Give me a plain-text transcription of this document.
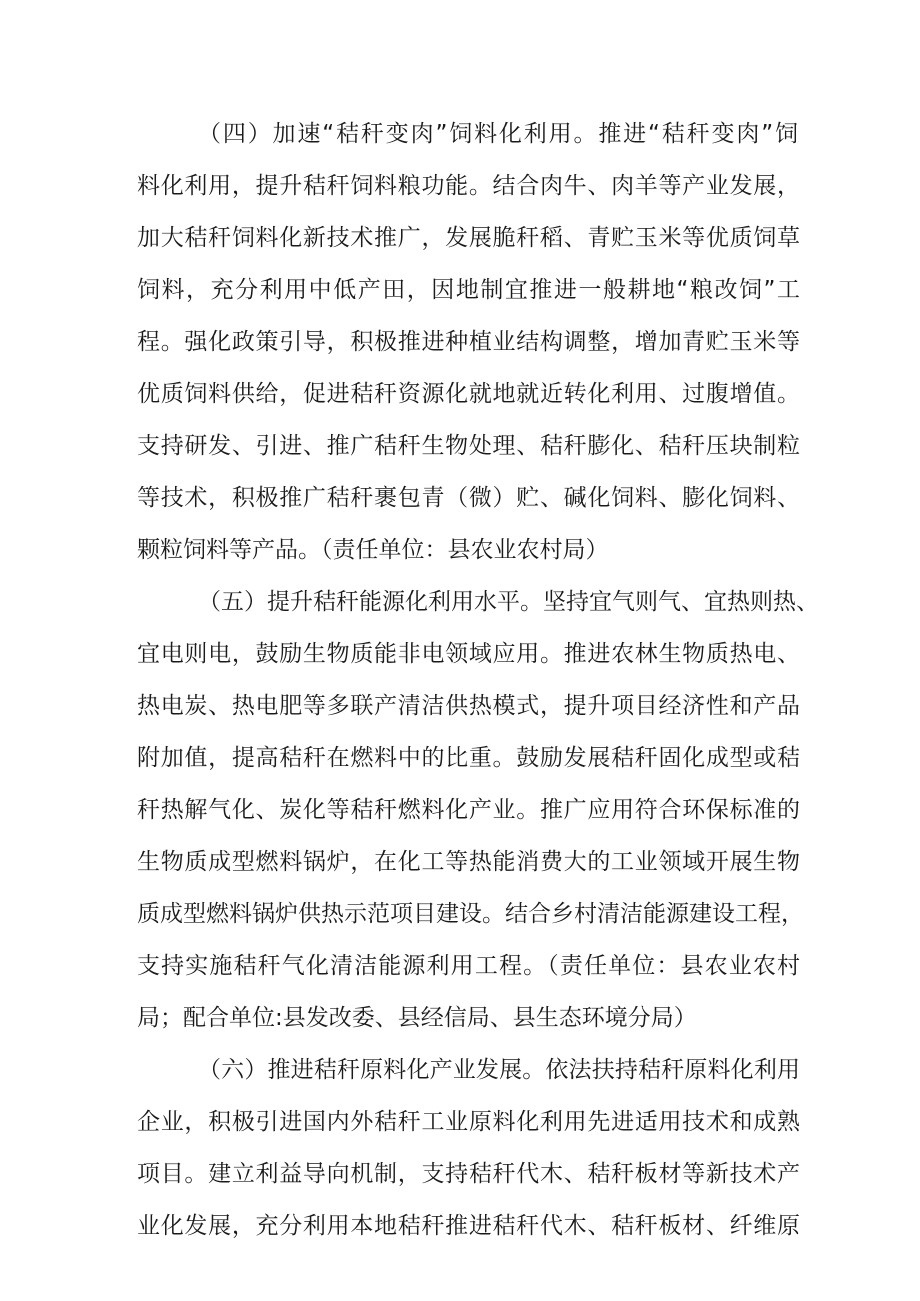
（四）加速“秸秆变肉”饲料化利用。推进“秸秆变肉”饲
料化利用，提升秸秆饲料粮功能。结合肉牛、肉羊等产业发展，
加大秸秆饲料化新技术推广，发展脆秆稻、青贮玉米等优质饲草
饲料，充分利用中低产田，因地制宜推进一般耕地“粮改饲”工
程。强化政策引导，积极推进种植业结构调整，增加青贮玉米等
优质饲料供给，促进秸秆资源化就地就近转化利用、过腹增值。
支持研发、引进、推广秸秆生物处理、秸秆膨化、秸秆压块制粒
等技术，积极推广秸秆裹包青（微）贮、碱化饲料、膨化饲料、
颗粒饲料等产品。（责任单位：县农业农村局）
（五）提升秸秆能源化利用水平。坚持宜气则气、宜热则热、
宜电则电，鼓励生物质能非电领域应用。推进农林生物质热电、
热电炭、热电肥等多联产清洁供热模式，提升项目经济性和产品
附加值，提高秸秆在燃料中的比重。鼓励发展秸秆固化成型或秸
秆热解气化、炭化等秸秆燃料化产业。推广应用符合环保标准的
生物质成型燃料锅炉，在化工等热能消费大的工业领域开展生物
质成型燃料锅炉供热示范项目建设。结合乡村清洁能源建设工程，
支持实施秸秆气化清洁能源利用工程。（责任单位：县农业农村
局；配合单位:县发改委、县经信局、县生态环境分局）
（六）推进秸秆原料化产业发展。依法扶持秸秆原料化利用
企业，积极引进国内外秸秆工业原料化利用先进适用技术和成熟
项目。建立利益导向机制，支持秸秆代木、秸秆板材等新技术产
业化发展，充分利用本地秸秆推进秸秆代木、秸秆板材、纤维原
